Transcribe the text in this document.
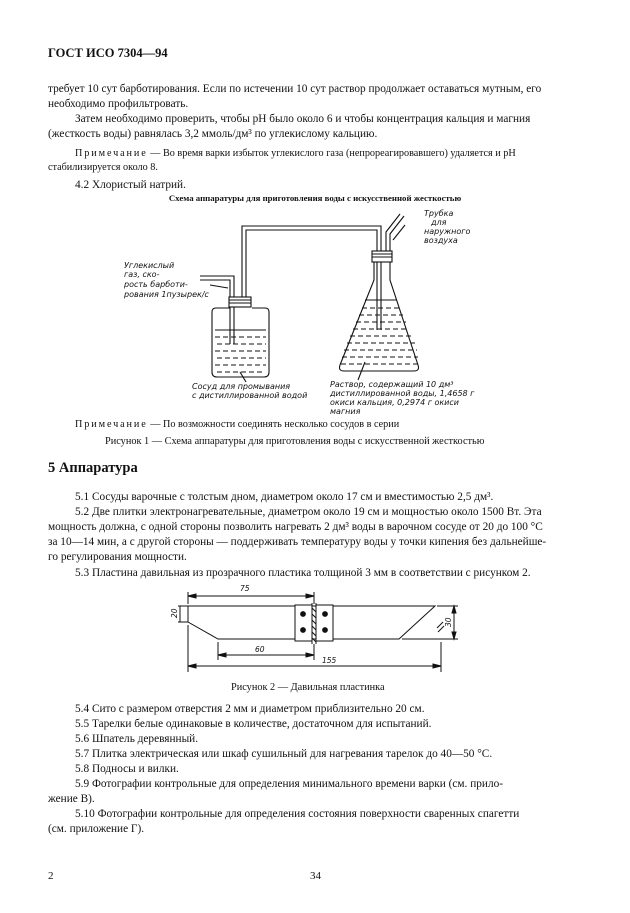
ГОСТ ИСО 7304—94
требует 10 сут барботирования. Если по истечении 10 сут раствор продолжает оставаться мутным, его
необходимо профильтровать.
Затем необходимо проверить, чтобы рН было около 6 и чтобы концентрация кальция и магния
(жесткость воды) равнялась 3,2 ммоль/дм³ по углекислому кальцию.
Примечание — Во время варки избыток углекислого газа (непрореагировавшего) удаляется и рН
стабилизируется около 8.
4.2 Хлористый натрий.
Схема аппаратуры для приготовления воды с искусственной жесткостью
Трубка
для
наружного
воздуха
Углекислый
газ, ско-
рость барботи-
рования 1пузырек/с
Сосуд для промывания
с дистиллированной водой
Раствор, содержащий 10 дм³
дистиллированной воды, 1,4658 г
окиси кальция, 0,2974 г окиси
магния
Примечание — По возможности соединять несколько сосудов в серии
Рисунок 1 — Схема аппаратуры для приготовления воды с искусственной жесткостью
5 Аппаратура
5.1 Сосуды варочные с толстым дном, диаметром около 17 см и вместимостью 2,5 дм³.
5.2 Две плитки электронагревательные, диаметром около 19 см и мощностью около 1500 Вт. Эта
мощность должна, с одной стороны позволить нагревать 2 дм³ воды в варочном сосуде от 20 до 100 °С
за 10—14 мин, а с другой стороны — поддерживать температуру воды у точки кипения без дальнейше-
го регулирования мощности.
5.3 Пластина давильная из прозрачного пластика толщиной 3 мм в соответствии с рисунком 2.
75
20
30
60
155
Рисунок 2 — Давильная пластинка
5.4 Сито с размером отверстия 2 мм и диаметром приблизительно 20 см.
5.5 Тарелки белые одинаковые в количестве, достаточном для испытаний.
5.6 Шпатель деревянный.
5.7 Плитка электрическая или шкаф сушильный для нагревания тарелок до 40—50 °С.
5.8 Подносы и вилки.
5.9 Фотографии контрольные для определения минимального времени варки (см. прило-
жение В).
5.10 Фотографии контрольные для определения состояния поверхности сваренных спагетти
(см. приложение Г).
2	34
